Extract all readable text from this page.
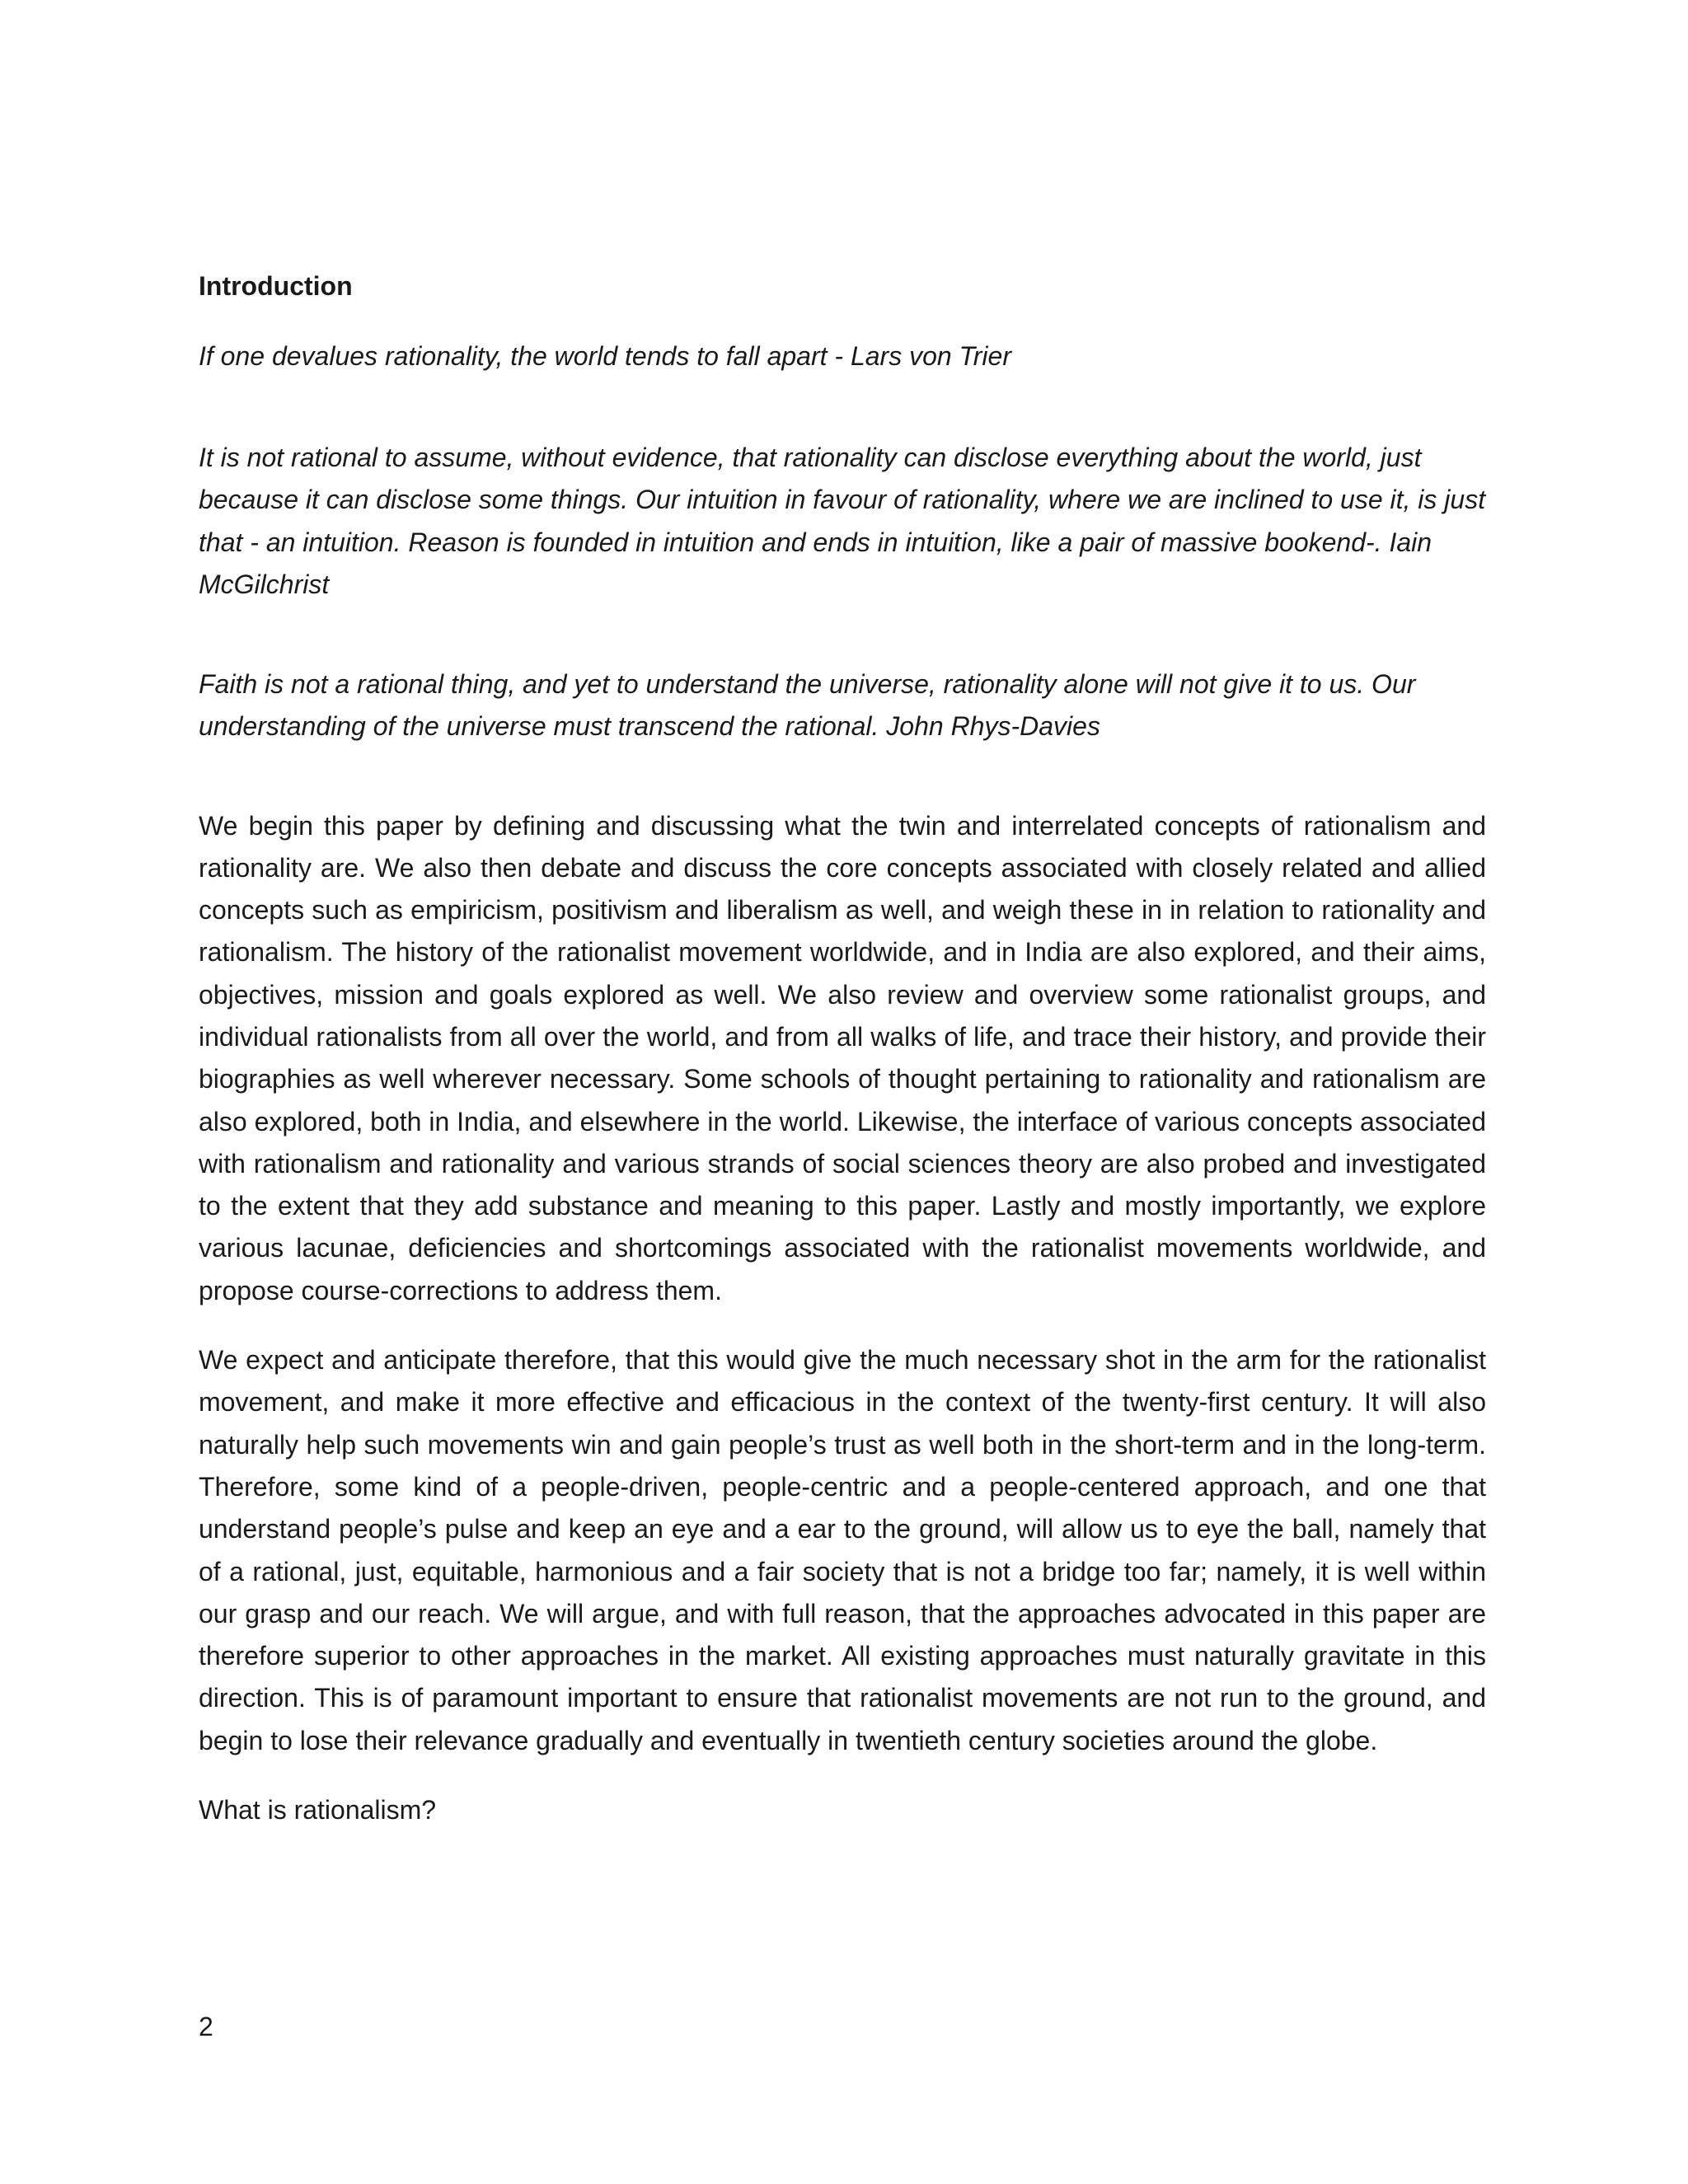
Introduction
If one devalues rationality, the world tends to fall apart - Lars von Trier
It is not rational to assume, without evidence, that rationality can disclose everything about the world, just because it can disclose some things. Our intuition in favour of rationality, where we are inclined to use it, is just that - an intuition. Reason is founded in intuition and ends in intuition, like a pair of massive bookend-. Iain McGilchrist
Faith is not a rational thing, and yet to understand the universe, rationality alone will not give it to us. Our understanding of the universe must transcend the rational. John Rhys-Davies

We begin this paper by defining and discussing what the twin and interrelated concepts of rationalism and rationality are. We also then debate and discuss the core concepts associated with closely related and allied concepts such as empiricism, positivism and liberalism as well, and weigh these in in relation to rationality and rationalism. The history of the rationalist movement worldwide, and in India are also explored, and their aims, objectives, mission and goals explored as well. We also review and overview some rationalist groups, and individual rationalists from all over the world, and from all walks of life, and trace their history, and provide their biographies as well wherever necessary. Some schools of thought pertaining to rationality and rationalism are also explored, both in India, and elsewhere in the world. Likewise, the interface of various concepts associated with rationalism and rationality and various strands of social sciences theory are also probed and investigated to the extent that they add substance and meaning to this paper. Lastly and mostly importantly, we explore various lacunae, deficiencies and shortcomings associated with the rationalist movements worldwide, and propose course-corrections to address them.

We expect and anticipate therefore, that this would give the much necessary shot in the arm for the rationalist movement, and make it more effective and efficacious in the context of the twenty-first century. It will also naturally help such movements win and gain people’s trust as well both in the short-term and in the long-term. Therefore, some kind of a people-driven, people-centric and a people-centered approach, and one that understand people’s pulse and keep an eye and a ear to the ground, will allow us to eye the ball, namely that of a rational, just, equitable, harmonious and a fair society that is not a bridge too far; namely, it is well within our grasp and our reach. We will argue, and with full reason, that the approaches advocated in this paper are therefore superior to other approaches in the market. All existing approaches must naturally gravitate in this direction. This is of paramount important to ensure that rationalist movements are not run to the ground, and begin to lose their relevance gradually and eventually in twentieth century societies around the globe.

What is rationalism?
2
